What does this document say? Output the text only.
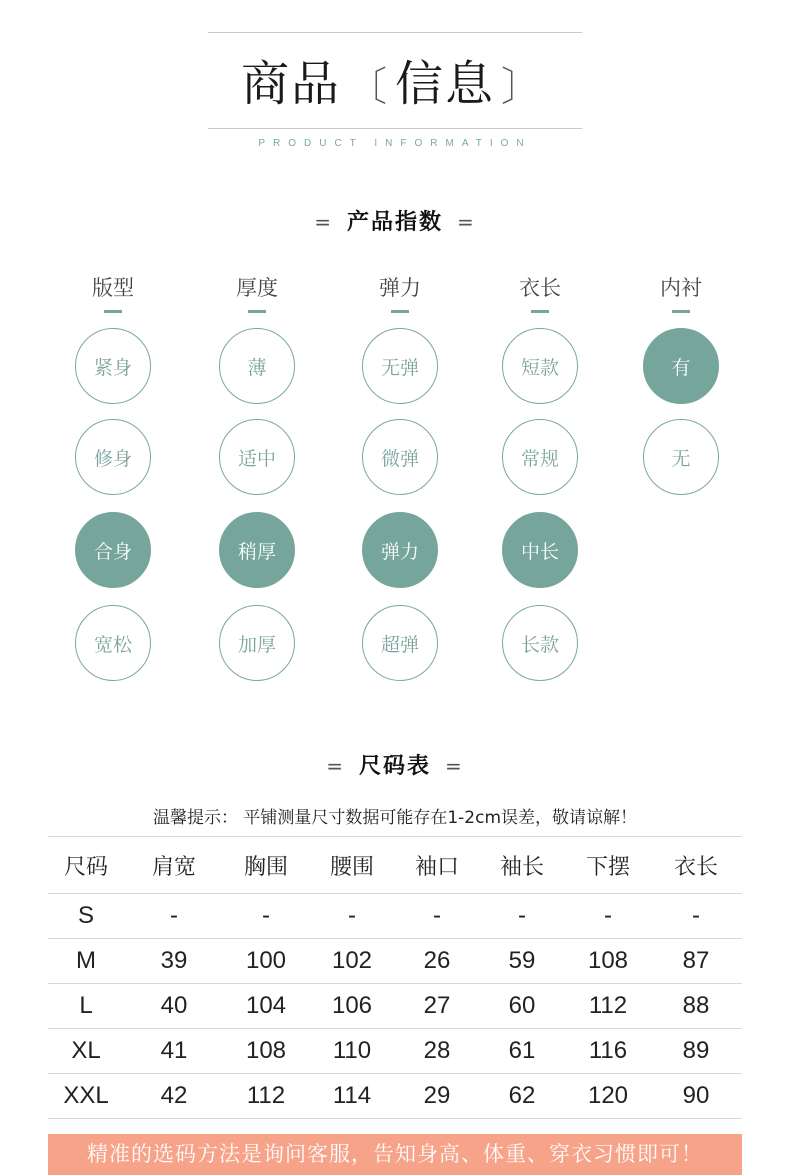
商品 〔 信息 〕
PRODUCT INFORMATION
= 产品指数 =
版型
紧身
修身
合身
宽松
厚度
薄
适中
稍厚
加厚
弹力
无弹
微弹
弹力
超弹
衣长
短款
常规
中长
长款
内衬
有
无
= 尺码表 =
温馨提示： 平铺测量尺寸数据可能存在1-2cm误差，敬请谅解！
尺码	肩宽	胸围	腰围	袖口	袖长	下摆	衣长
S	-	-	-	-	-	-	-
M	39	100	102	26	59	108	87
L	40	104	106	27	60	112	88
XL	41	108	110	28	61	116	89
XXL	42	112	114	29	62	120	90
精准的选码方法是询问客服，告知身高、体重、穿衣习惯即可！
